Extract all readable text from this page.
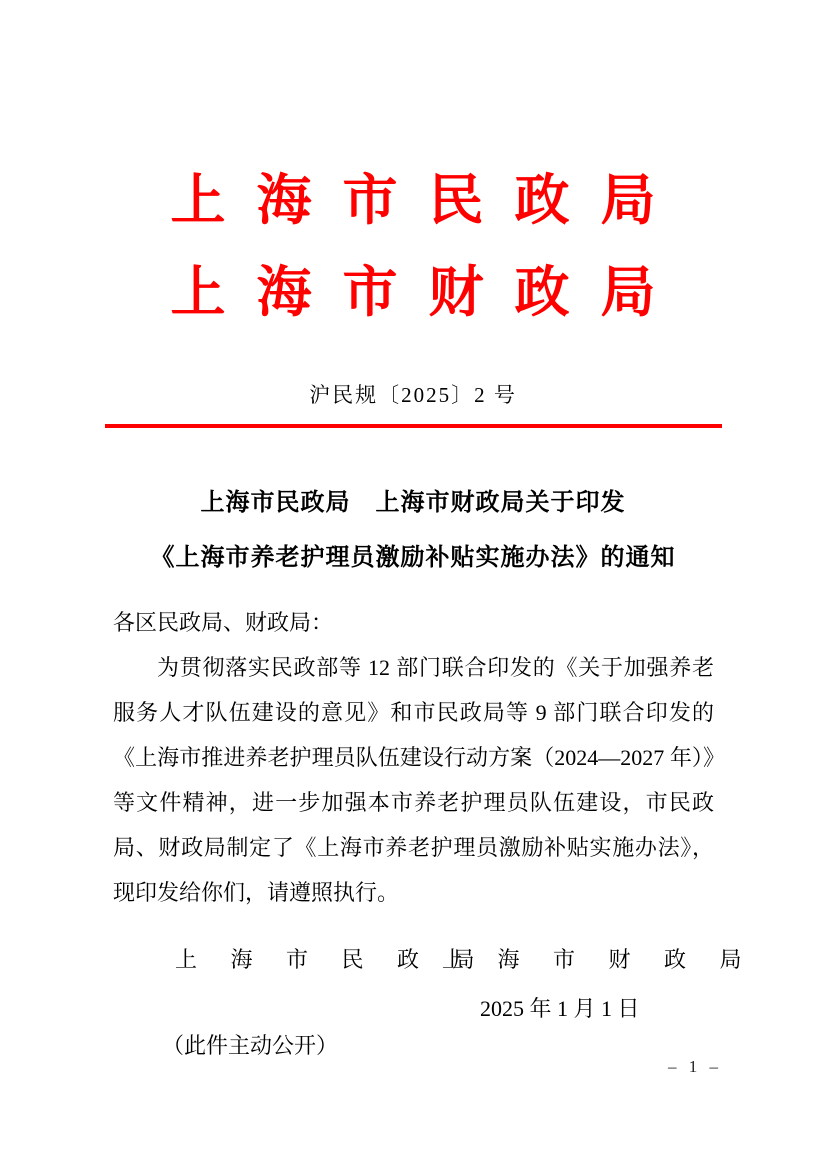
上海市民政局
上海市财政局
沪民规〔2025〕2 号
上海市民政局　上海市财政局关于印发
《上海市养老护理员激励补贴实施办法》的通知
各区民政局、财政局：

为贯彻落实民政部等 12 部门联合印发的《关于加强养老服务人才队伍建设的意见》和市民政局等 9 部门联合印发的《上海市推进养老护理员队伍建设行动方案（2024—2027 年）》等文件精神，进一步加强本市养老护理员队伍建设，市民政局、财政局制定了《上海市养老护理员激励补贴实施办法》，现印发给你们，请遵照执行。

上 海 市 民 政 局
上 海 市 财 政 局
2025 年 1 月 1 日
（此件主动公开）
– 1 –
